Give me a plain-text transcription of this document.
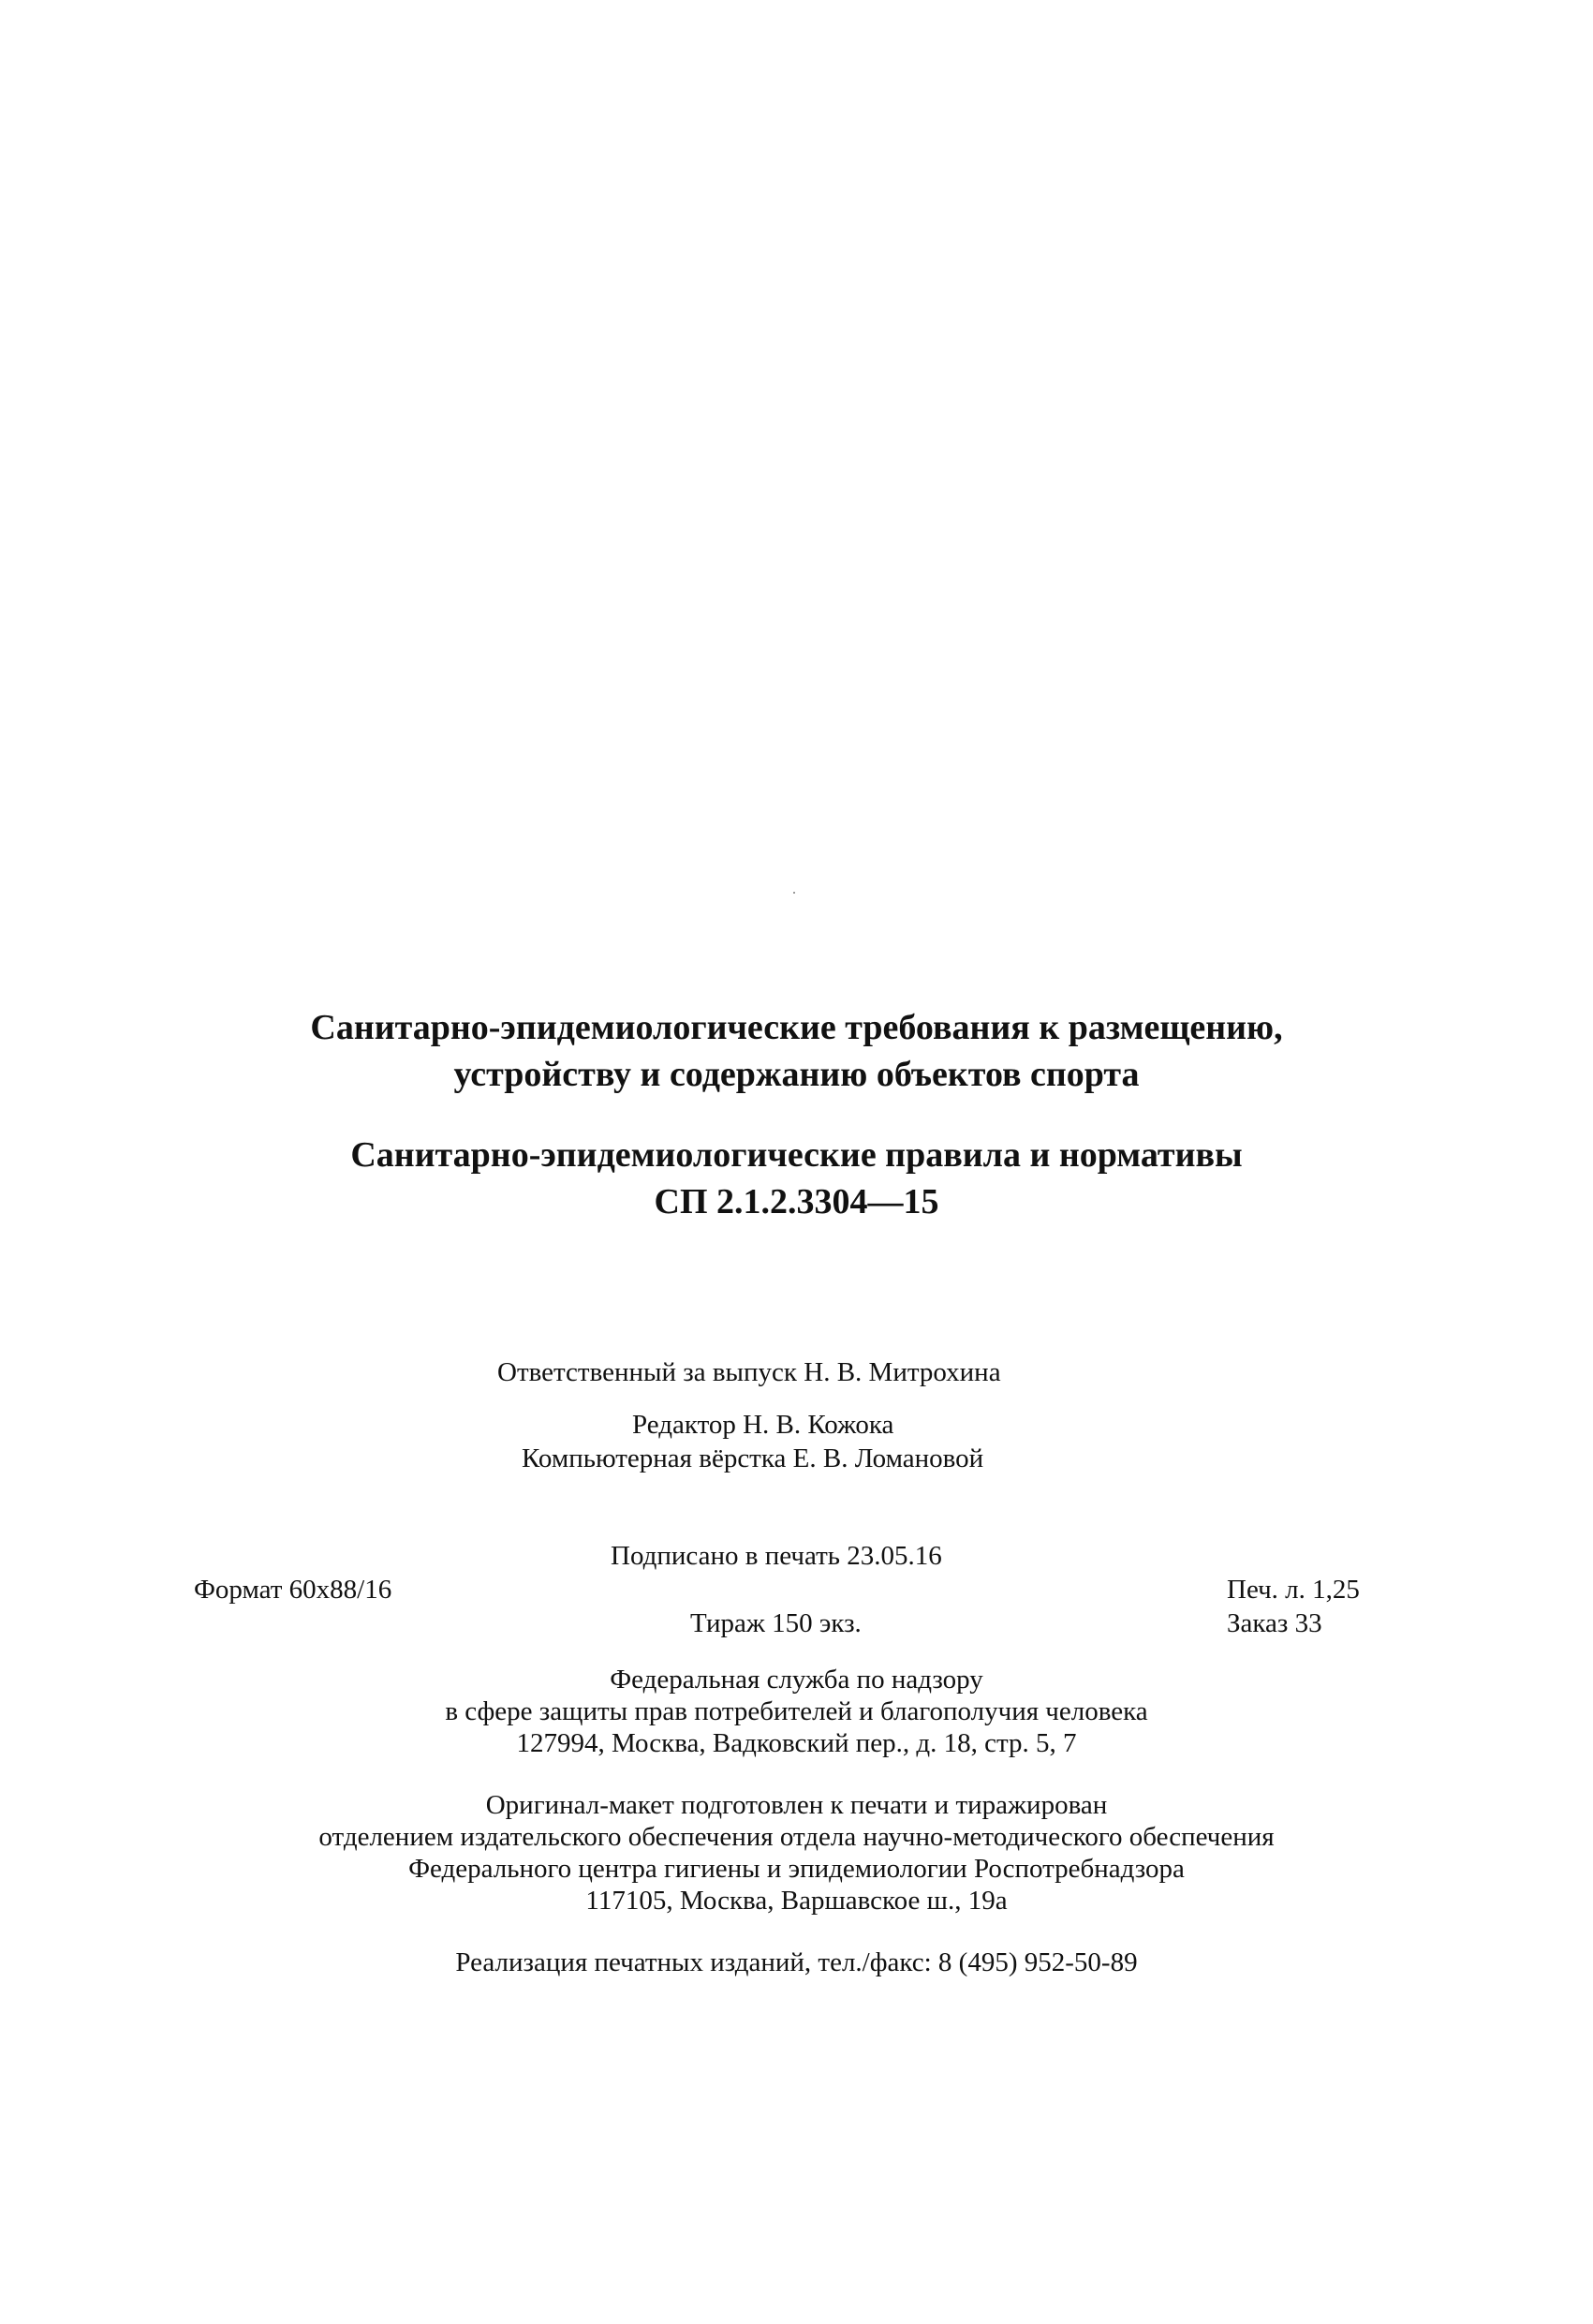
Санитарно-эпидемиологические требования к размещению,
устройству и содержанию объектов спорта
Санитарно-эпидемиологические правила и нормативы
СП 2.1.2.3304—15
Ответственный за выпуск Н. В. Митрохина
Редактор Н. В. Кожока
Компьютерная вёрстка Е. В. Ломановой
Подписано в печать 23.05.16
Формат 60x88/16	Печ. л. 1,25
Тираж 150 экз.	Заказ 33
Федеральная служба по надзору
в сфере защиты прав потребителей и благополучия человека
127994, Москва, Вадковский пер., д. 18, стр. 5, 7
Оригинал-макет подготовлен к печати и тиражирован
отделением издательского обеспечения отдела научно-методического обеспечения
Федерального центра гигиены и эпидемиологии Роспотребнадзора
117105, Москва, Варшавское ш., 19а
Реализация печатных изданий, тел./факс: 8 (495) 952-50-89
